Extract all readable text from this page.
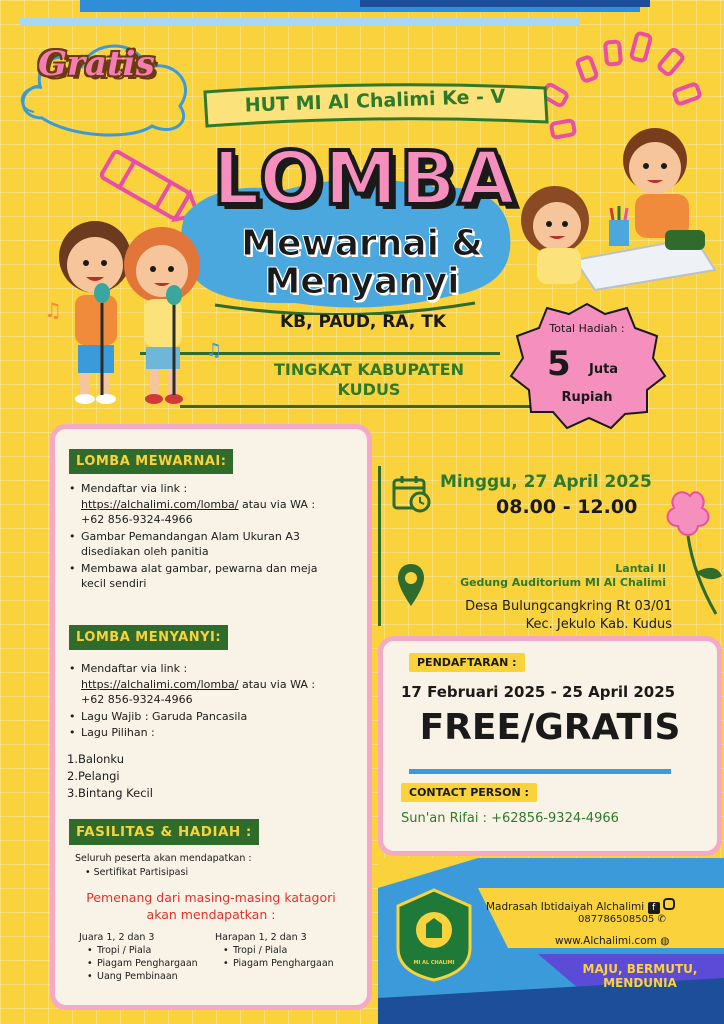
Gratis
HUT MI Al Chalimi Ke - V
LOMBA
Mewarnai &
Menyanyi
KB, PAUD, RA, TK
TINGKAT KABUPATEN
KUDUS
♫
♫
Total Hadiah :
5 Juta
Rupiah
LOMBA MEWARNAI:
• Mendaftar via link :
https://alchalimi.com/lomba/ atau via WA :
+62 856-9324-4966
• Gambar Pemandangan Alam Ukuran A3
disediakan oleh panitia
• Membawa alat gambar, pewarna dan meja
kecil sendiri
LOMBA MENYANYI:
• Mendaftar via link :
https://alchalimi.com/lomba/ atau via WA :
+62 856-9324-4966
• Lagu Wajib : Garuda Pancasila
• Lagu Pilihan :
1.Balonku
2.Pelangi
3.Bintang Kecil
FASILITAS & HADIAH :
Seluruh peserta akan mendapatkan :
• Sertifikat Partisipasi
Pemenang dari masing-masing katagori
akan mendapatkan :
Juara 1, 2 dan 3
• Tropi / Piala
• Piagam Penghargaan
• Uang Pembinaan
Harapan 1, 2 dan 3
• Tropi / Piala
• Piagam Penghargaan
Minggu, 27 April 2025
08.00 - 12.00
Lantai II
Gedung Auditorium MI Al Chalimi
Desa Bulungcangkring Rt 03/01
Kec. Jekulo Kab. Kudus
PENDAFTARAN :
17 Februari 2025 - 25 April 2025
FREE/GRATIS
CONTACT PERSON :
Sun'an Rifai : +62856-9324-4966
MI AL CHALIMI
Madrasah Ibtidaiyah Alchalimi f
087786508505 ✆
www.Alchalimi.com ◍
MAJU, BERMUTU, MENDUNIA
